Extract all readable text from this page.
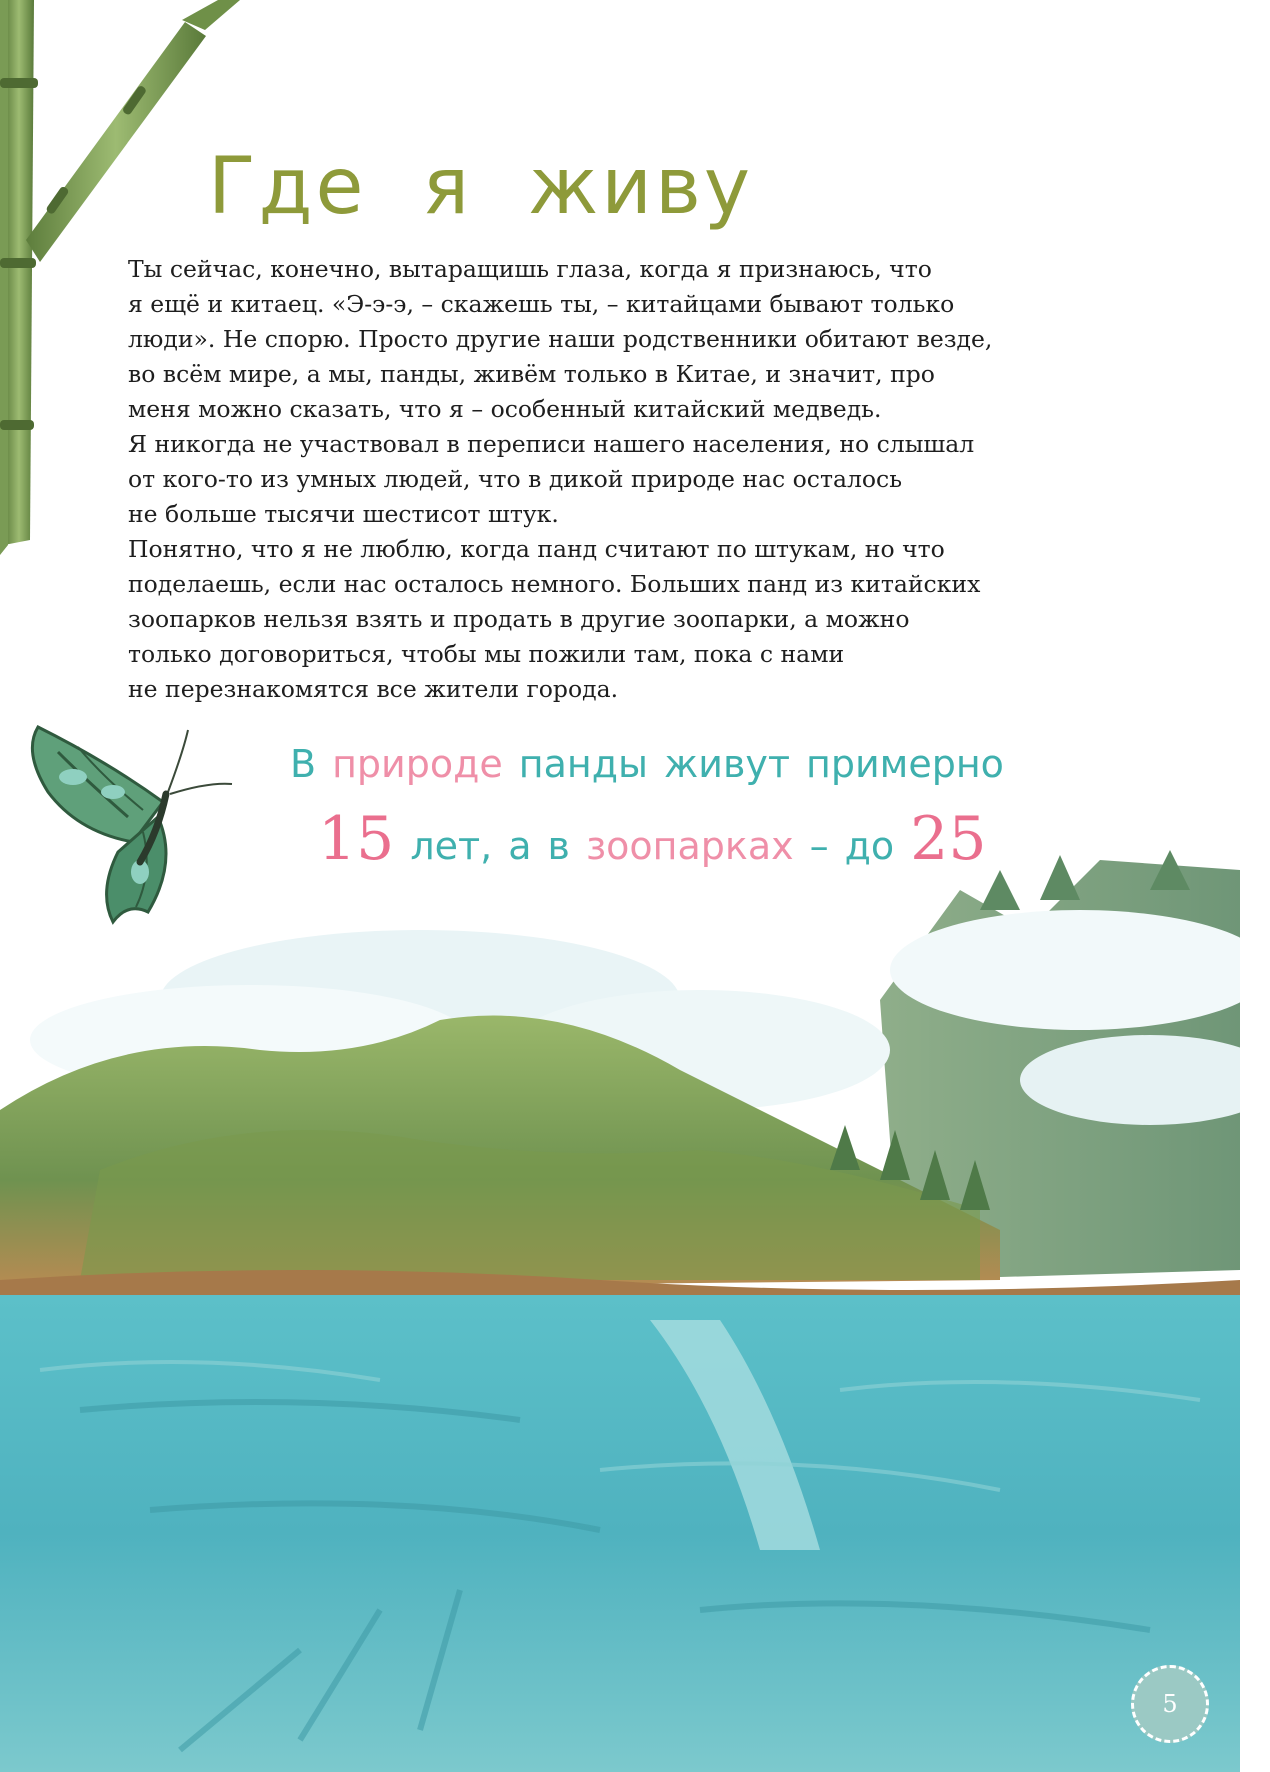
Где я живу
Ты сейчас, конечно, вытаращишь глаза, когда я признаюсь, что
я ещё и китаец. «Э-э-э, – скажешь ты, – китайцами бывают только
люди». Не спорю. Просто другие наши родственники обитают везде,
во всём мире, а мы, панды, живём только в Китае, и значит, про
меня можно сказать, что я – особенный китайский медведь.
Я никогда не участвовал в переписи нашего населения, но слышал
от кого-то из умных людей, что в дикой природе нас осталось
не больше тысячи шестисот штук.
Понятно, что я не люблю, когда панд считают по штукам, но что
поделаешь, если нас осталось немного. Больших панд из китайских
зоопарков нельзя взять и продать в другие зоопарки, а можно
только договориться, чтобы мы пожили там, пока с нами
не перезнакомятся все жители города.
В природе панды живут примерно
15 лет, а в зоопарках – до 25
5
